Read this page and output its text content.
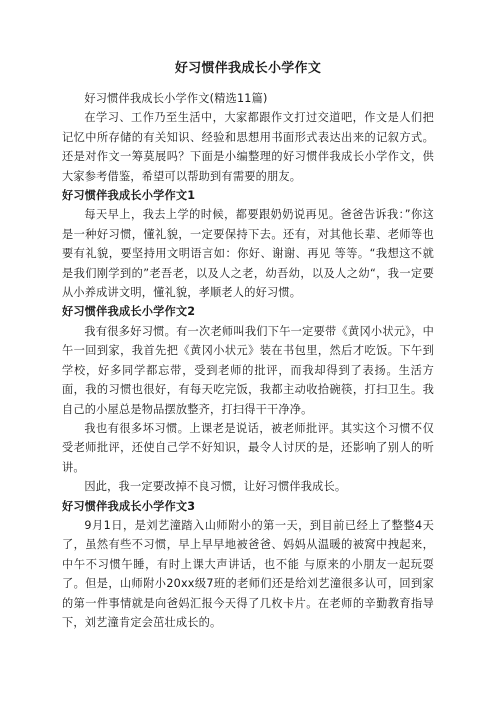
好习惯伴我成长小学作文

好习惯伴我成长小学作文(精选11篇)

在学习、工作乃至生活中，大家都跟作文打过交道吧，作文是人们把记忆中所存储的有关知识、经验和思想用书面形式表达出来的记叙方式。还是对作文一筹莫展吗？下面是小编整理的好习惯伴我成长小学作文，供大家参考借鉴，希望可以帮助到有需要的朋友。

好习惯伴我成长小学作文1

每天早上，我去上学的时候，都要跟奶奶说再见。爸爸告诉我：”你这是一种好习惯，懂礼貌，一定要保持下去。还有，对其他长辈、老师等也要有礼貌，要坚持用文明语言如：你好、谢谢、再见 等等。“我想这不就是我们刚学到的”老吾老，以及人之老，幼吾幼，以及人之幼“，我一定要从小养成讲文明，懂礼貌，孝顺老人的好习惯。

好习惯伴我成长小学作文2

我有很多好习惯。有一次老师叫我们下午一定要带《黄冈小状元》，中午一回到家，我首先把《黄冈小状元》装在书包里，然后才吃饭。下午到学校，好多同学都忘带，受到老师的批评，而我却得到了表扬。生活方面，我的习惯也很好，有每天吃完饭，我都主动收拾碗筷，打扫卫生。我自己的小屋总是物品摆放整齐，打扫得干干净净。

我也有很多坏习惯。上课老是说话，被老师批评。其实这个习惯不仅受老师批评，还使自己学不好知识，最令人讨厌的是，还影响了别人的听讲。

因此，我一定要改掉不良习惯，让好习惯伴我成长。

好习惯伴我成长小学作文3

9月1日，是刘艺潼踏入山师附小的第一天，到目前已经上了整整4天了，虽然有些不习惯，早上早早地被爸爸、妈妈从温暖的被窝中拽起来，中午不习惯午睡，有时上课大声讲话，也不能 与原来的小朋友一起玩耍了。但是，山师附小20xx级7班的老师们还是给刘艺潼很多认可，回到家的第一件事情就是向爸妈汇报今天得了几枚卡片。在老师的辛勤教育指导下，刘艺潼肯定会茁壮成长的。
